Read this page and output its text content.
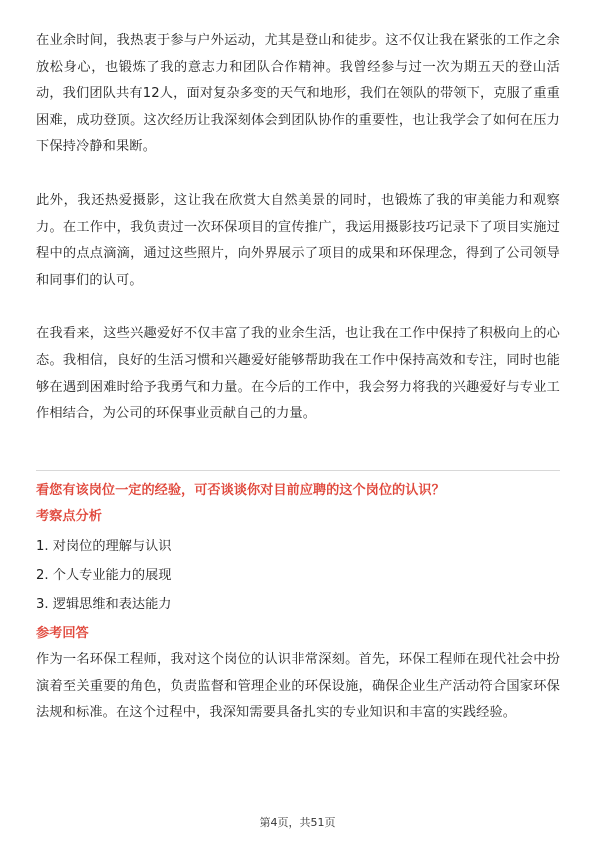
在业余时间，我热衷于参与户外运动，尤其是登山和徒步。这不仅让我在紧张的工作之余放松身心，也锻炼了我的意志力和团队合作精神。我曾经参与过一次为期五天的登山活动，我们团队共有12人，面对复杂多变的天气和地形，我们在领队的带领下，克服了重重困难，成功登顶。这次经历让我深刻体会到团队协作的重要性，也让我学会了如何在压力下保持冷静和果断。

此外，我还热爱摄影，这让我在欣赏大自然美景的同时，也锻炼了我的审美能力和观察力。在工作中，我负责过一次环保项目的宣传推广，我运用摄影技巧记录下了项目实施过程中的点点滴滴，通过这些照片，向外界展示了项目的成果和环保理念，得到了公司领导和同事们的认可。

在我看来，这些兴趣爱好不仅丰富了我的业余生活，也让我在工作中保持了积极向上的心态。我相信，良好的生活习惯和兴趣爱好能够帮助我在工作中保持高效和专注，同时也能够在遇到困难时给予我勇气和力量。在今后的工作中，我会努力将我的兴趣爱好与专业工作相结合，为公司的环保事业贡献自己的力量。

看您有该岗位一定的经验，可否谈谈你对目前应聘的这个岗位的认识？

考察点分析

1. 对岗位的理解与认识
2. 个人专业能力的展现
3. 逻辑思维和表达能力

参考回答

作为一名环保工程师，我对这个岗位的认识非常深刻。首先，环保工程师在现代社会中扮演着至关重要的角色，负责监督和管理企业的环保设施，确保企业生产活动符合国家环保法规和标准。在这个过程中，我深知需要具备扎实的专业知识和丰富的实践经验。

第4页，共51页
